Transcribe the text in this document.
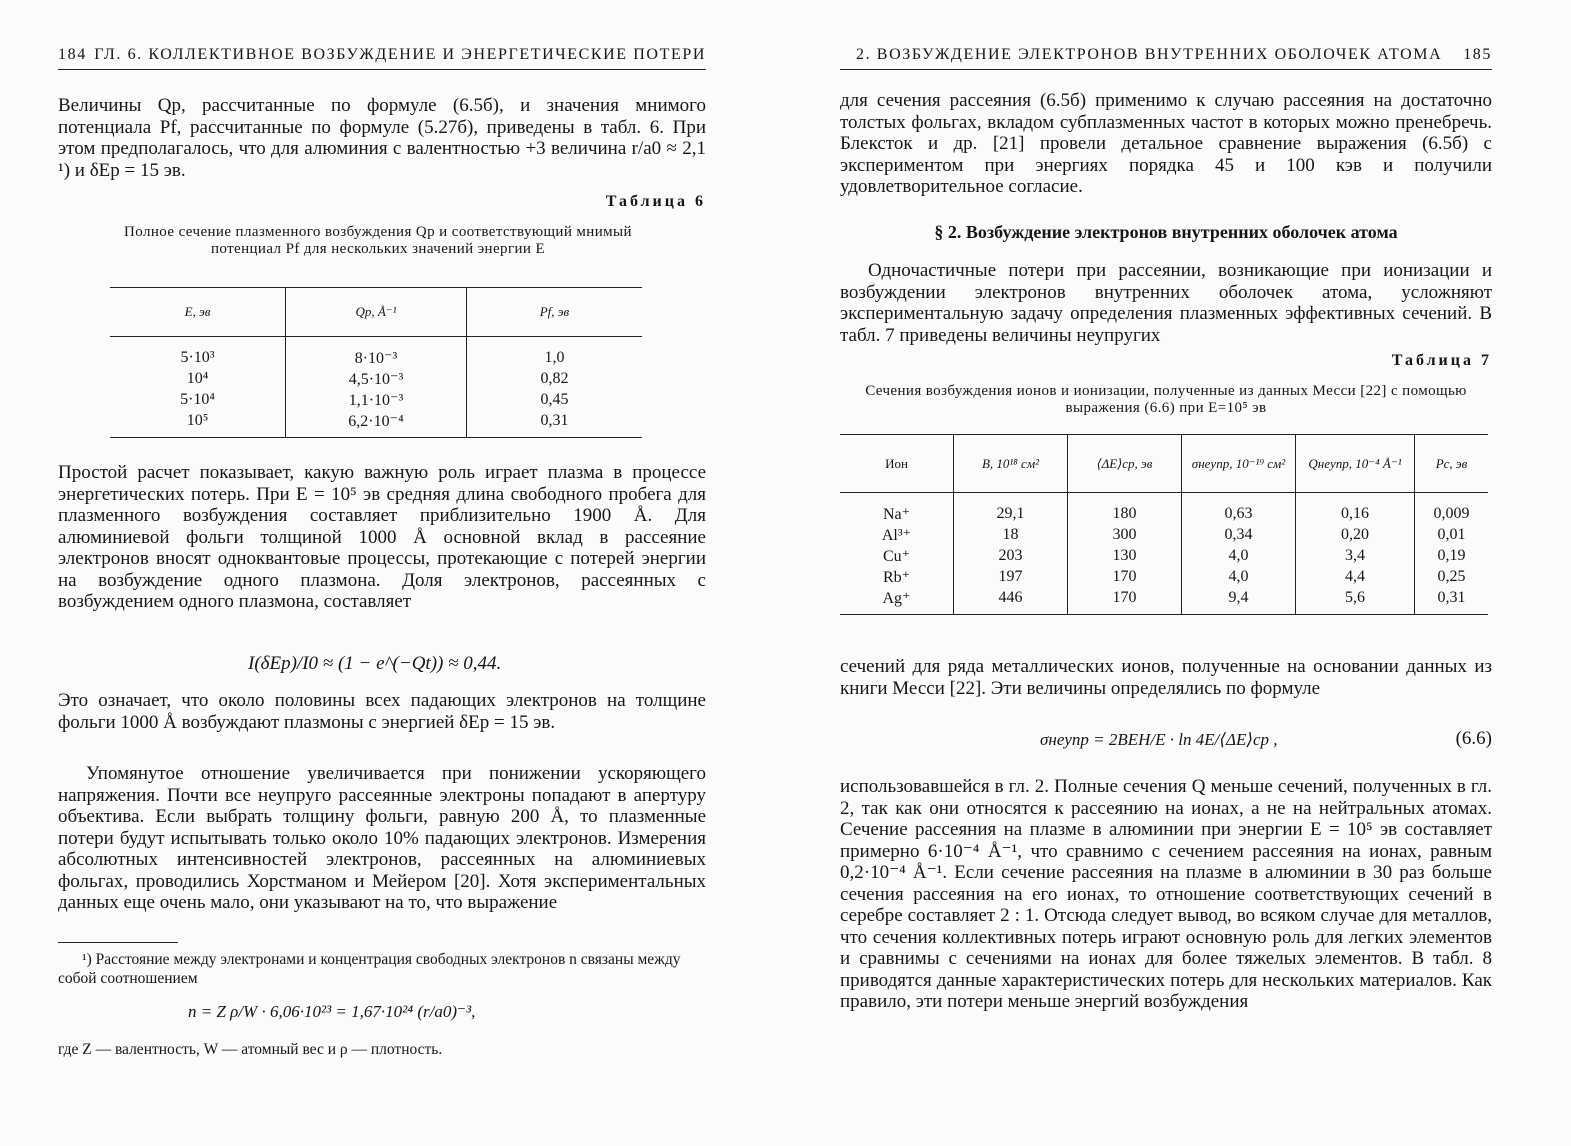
184 ГЛ. 6. КОЛЛЕКТИВНОЕ ВОЗБУЖДЕНИЕ И ЭНЕРГЕТИЧЕСКИЕ ПОТЕРИ
Величины Qp, рассчитанные по формуле (6.5б), и значения мнимого потенциала Pf, рассчитанные по формуле (5.27б), приведены в табл. 6. При этом предполагалось, что для алюминия с валентностью +3 величина r/a0 ≈ 2,1 ¹) и δEp = 15 эв.
Таблица 6
Полное сечение плазменного возбуждения Qp и соответствующий мнимый потенциал Pf для нескольких значений энергии E
E, эв	Qp, Å⁻¹	Pf, эв
5·10³	8·10⁻³	1,0
10⁴	4,5·10⁻³	0,82
5·10⁴	1,1·10⁻³	0,45
10⁵	6,2·10⁻⁴	0,31
Простой расчет показывает, какую важную роль играет плазма в процессе энергетических потерь. При E = 10⁵ эв средняя длина свободного пробега для плазменного возбуждения составляет приблизительно 1900 Å. Для алюминиевой фольги толщиной 1000 Å основной вклад в рассеяние электронов вносят одноквантовые процессы, протекающие с потерей энергии на возбуждение одного плазмона. Доля электронов, рассеянных с возбуждением одного плазмона, составляет
I(δEp)/I0 ≈ (1 − e^(−Qt)) ≈ 0,44.
Это означает, что около половины всех падающих электронов на толщине фольги 1000 Å возбуждают плазмоны с энергией δEp = 15 эв.
Упомянутое отношение увеличивается при понижении ускоряющего напряжения. Почти все неупруго рассеянные электроны попадают в апертуру объектива. Если выбрать толщину фольги, равную 200 Å, то плазменные потери будут испытывать только около 10% падающих электронов. Измерения абсолютных интенсивностей электронов, рассеянных на алюминиевых фольгах, проводились Хорстманом и Мейером [20]. Хотя экспериментальных данных еще очень мало, они указывают на то, что выражение
¹) Расстояние между электронами и концентрация свободных электронов n связаны между собой соотношением
n = Z ρ/W · 6,06·10²³ = 1,67·10²⁴ (r/a0)⁻³,
где Z — валентность, W — атомный вес и ρ — плотность.
2. ВОЗБУЖДЕНИЕ ЭЛЕКТРОНОВ ВНУТРЕННИХ ОБОЛОЧЕК АТОМА 185
для сечения рассеяния (6.5б) применимо к случаю рассеяния на достаточно толстых фольгах, вкладом субплазменных частот в которых можно пренебречь. Блексток и др. [21] провели детальное сравнение выражения (6.5б) с экспериментом при энергиях порядка 45 и 100 кэв и получили удовлетворительное согласие.
§ 2. Возбуждение электронов внутренних оболочек атома
Одночастичные потери при рассеянии, возникающие при ионизации и возбуждении электронов внутренних оболочек атома, усложняют экспериментальную задачу определения плазменных эффективных сечений. В табл. 7 приведены величины неупругих
Таблица 7
Сечения возбуждения ионов и ионизации, полученные из данных Месси [22] с помощью выражения (6.6) при E=10⁵ эв
Ион	B, 10¹⁸ см²	⟨ΔE⟩ср, эв	σнеупр, 10⁻¹⁹ см²	Qнеупр, 10⁻⁴ Å⁻¹	Pc, эв
Na⁺	29,1	180	0,63	0,16	0,009
Al³⁺	18	300	0,34	0,20	0,01
Cu⁺	203	130	4,0	3,4	0,19
Rb⁺	197	170	4,0	4,4	0,25
Ag⁺	446	170	9,4	5,6	0,31
сечений для ряда металлических ионов, полученные на основании данных из книги Месси [22]. Эти величины определялись по формуле
σнеупр = 2BEH/E · ln 4E/⟨ΔE⟩ср ,	(6.6)
использовавшейся в гл. 2. Полные сечения Q меньше сечений, полученных в гл. 2, так как они относятся к рассеянию на ионах, а не на нейтральных атомах. Сечение рассеяния на плазме в алюминии при энергии E = 10⁵ эв составляет примерно 6·10⁻⁴ Å⁻¹, что сравнимо с сечением рассеяния на ионах, равным 0,2·10⁻⁴ Å⁻¹. Если сечение рассеяния на плазме в алюминии в 30 раз больше сечения рассеяния на его ионах, то отношение соответствующих сечений в серебре составляет 2 : 1. Отсюда следует вывод, во всяком случае для металлов, что сечения коллективных потерь играют основную роль для легких элементов и сравнимы с сечениями на ионах для более тяжелых элементов. В табл. 8 приводятся данные характеристических потерь для нескольких материалов. Как правило, эти потери меньше энергий возбуждения
